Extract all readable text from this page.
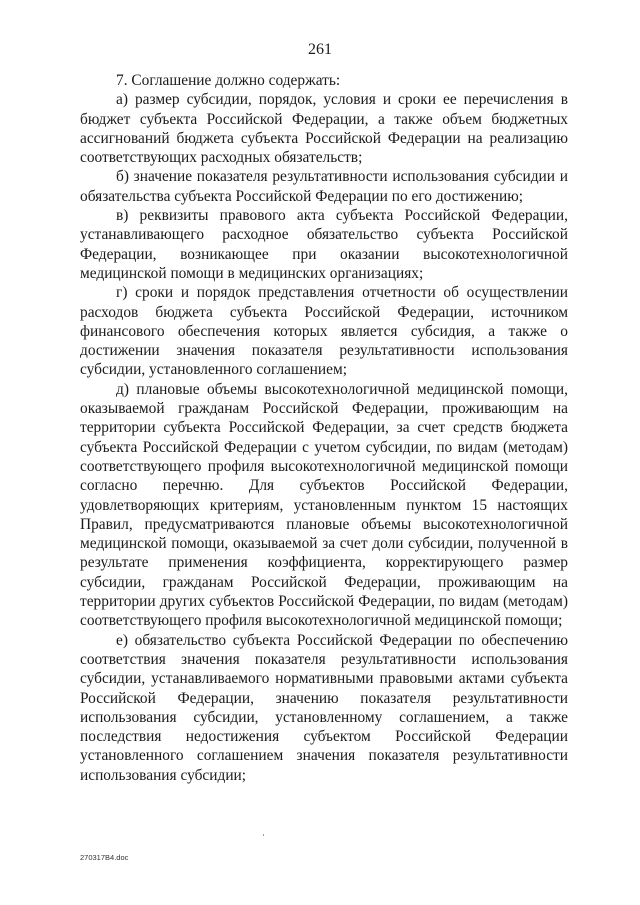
261

7. Соглашение должно содержать:

а) размер субсидии, порядок, условия и сроки ее перечисления в бюджет субъекта Российской Федерации, а также объем бюджетных ассигнований бюджета субъекта Российской Федерации на реализацию соответствующих расходных обязательств;

б) значение показателя результативности использования субсидии и обязательства субъекта Российской Федерации по его достижению;

в) реквизиты правового акта субъекта Российской Федерации, устанавливающего расходное обязательство субъекта Российской Федерации, возникающее при оказании высокотехнологичной медицинской помощи в медицинских организациях;

г) сроки и порядок представления отчетности об осуществлении расходов бюджета субъекта Российской Федерации, источником финансового обеспечения которых является субсидия, а также о достижении значения показателя результативности использования субсидии, установленного соглашением;

д) плановые объемы высокотехнологичной медицинской помощи, оказываемой гражданам Российской Федерации, проживающим на территории субъекта Российской Федерации, за счет средств бюджета субъекта Российской Федерации с учетом субсидии, по видам (методам) соответствующего профиля высокотехнологичной медицинской помощи согласно перечню. Для субъектов Российской Федерации, удовлетворяющих критериям, установленным пунктом 15 настоящих Правил, предусматриваются плановые объемы высокотехнологичной медицинской помощи, оказываемой за счет доли субсидии, полученной в результате применения коэффициента, корректирующего размер субсидии, гражданам Российской Федерации, проживающим на территории других субъектов Российской Федерации, по видам (методам) соответствующего профиля высокотехнологичной медицинской помощи;

е) обязательство субъекта Российской Федерации по обеспечению соответствия значения показателя результативности использования субсидии, устанавливаемого нормативными правовыми актами субъекта Российской Федерации, значению показателя результативности использования субсидии, установленному соглашением, а также последствия недостижения субъектом Российской Федерации установленного соглашением значения показателя результативности использования субсидии;

270317В4.doc
